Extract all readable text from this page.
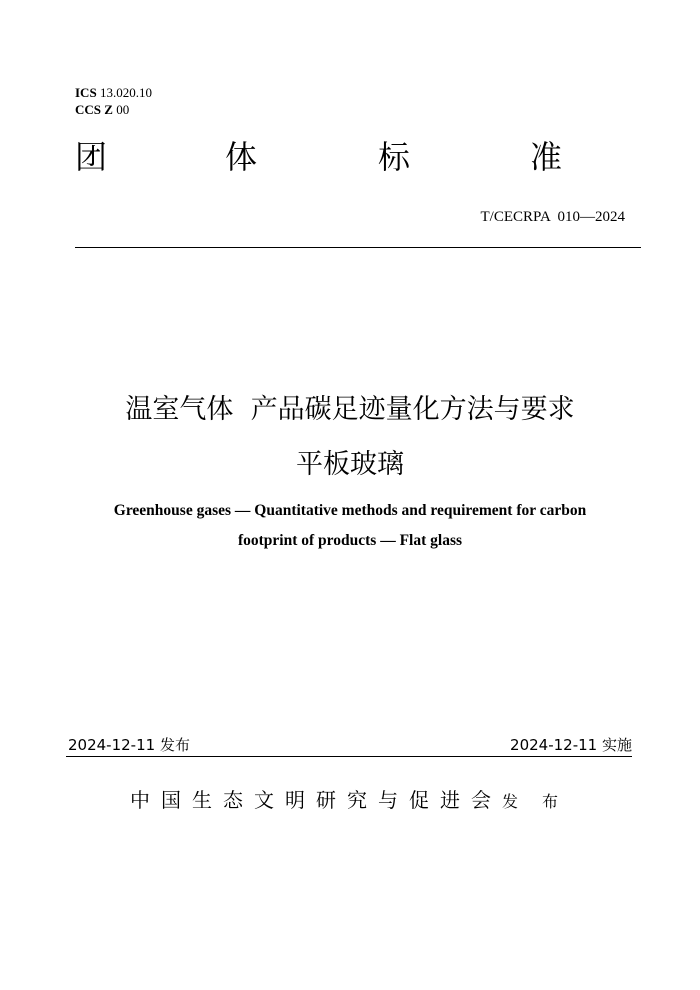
ICS 13.020.10
CCS Z 00
团	体	标	准
T/CECRPA  010—2024
温室气体  产品碳足迹量化方法与要求
平板玻璃
Greenhouse gases — Quantitative methods and requirement for carbon
footprint of products — Flat glass
2024-12-11 发布	2024-12-11 实施
中国生态文明研究与促进会发 布
